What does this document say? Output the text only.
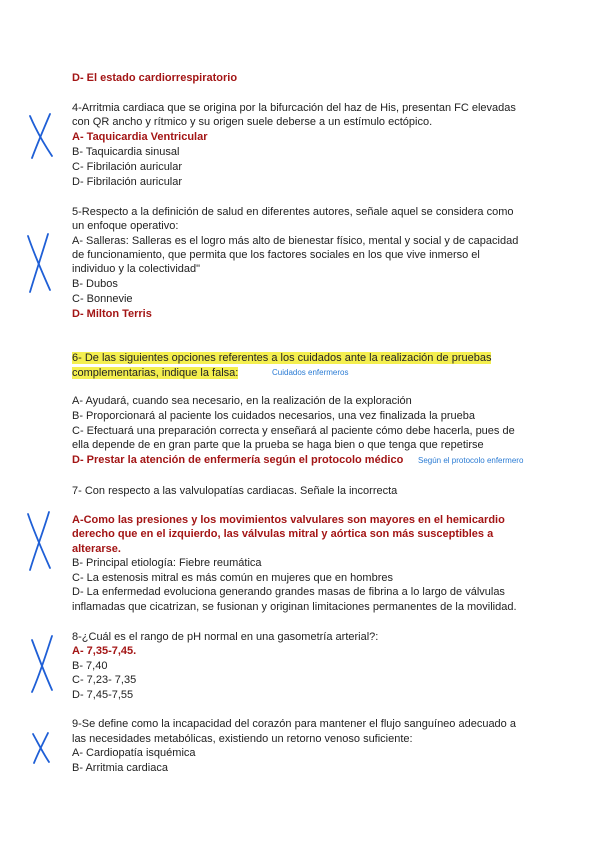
D- El estado cardiorrespiratorio
4-Arritmia cardiaca que se origina por la bifurcación del haz de His, presentan FC elevadas
con QR ancho y rítmico y su origen suele deberse a un estímulo ectópico.
A- Taquicardia Ventricular
B- Taquicardia sinusal
C- Fibrilación auricular
D- Fibrilación auricular
5-Respecto a la definición de salud en diferentes autores, señale aquel se considera como
un enfoque operativo:
A- Salleras: Salleras es el logro más alto de bienestar físico, mental y social y de capacidad
de funcionamiento, que permita que los factores sociales en los que vive inmerso el
individuo y la colectividad"
B- Dubos
C- Bonnevie
D- Milton Terris
6- De las siguientes opciones referentes a los cuidados ante la realización de pruebas
complementarias, indique la falsa:	Cuidados enfermeros
A- Ayudará, cuando sea necesario, en la realización de la exploración
B- Proporcionará al paciente los cuidados necesarios, una vez finalizada la prueba
C- Efectuará una preparación correcta y enseñará al paciente cómo debe hacerla, pues de
ella depende de en gran parte que la prueba se haga bien o que tenga que repetirse
D- Prestar la atención de enfermería según el protocolo médico Según el protocolo enfermero
7- Con respecto a las valvulopatías cardiacas. Señale la incorrecta
A-Como las presiones y los movimientos valvulares son mayores en el hemicardio
derecho que en el izquierdo, las válvulas mitral y aórtica son más susceptibles a
alterarse.
B- Principal etiología: Fiebre reumática
C- La estenosis mitral es más común en mujeres que en hombres
D- La enfermedad evoluciona generando grandes masas de fibrina a lo largo de válvulas
inflamadas que cicatrizan, se fusionan y originan limitaciones permanentes de la movilidad.
8-¿Cuál es el rango de pH normal en una gasometría arterial?:
A- 7,35-7,45.
B- 7,40
C- 7,23- 7,35
D- 7,45-7,55
9-Se define como la incapacidad del corazón para mantener el flujo sanguíneo adecuado a
las necesidades metabólicas, existiendo un retorno venoso suficiente:
A- Cardiopatía isquémica
B- Arritmia cardiaca
